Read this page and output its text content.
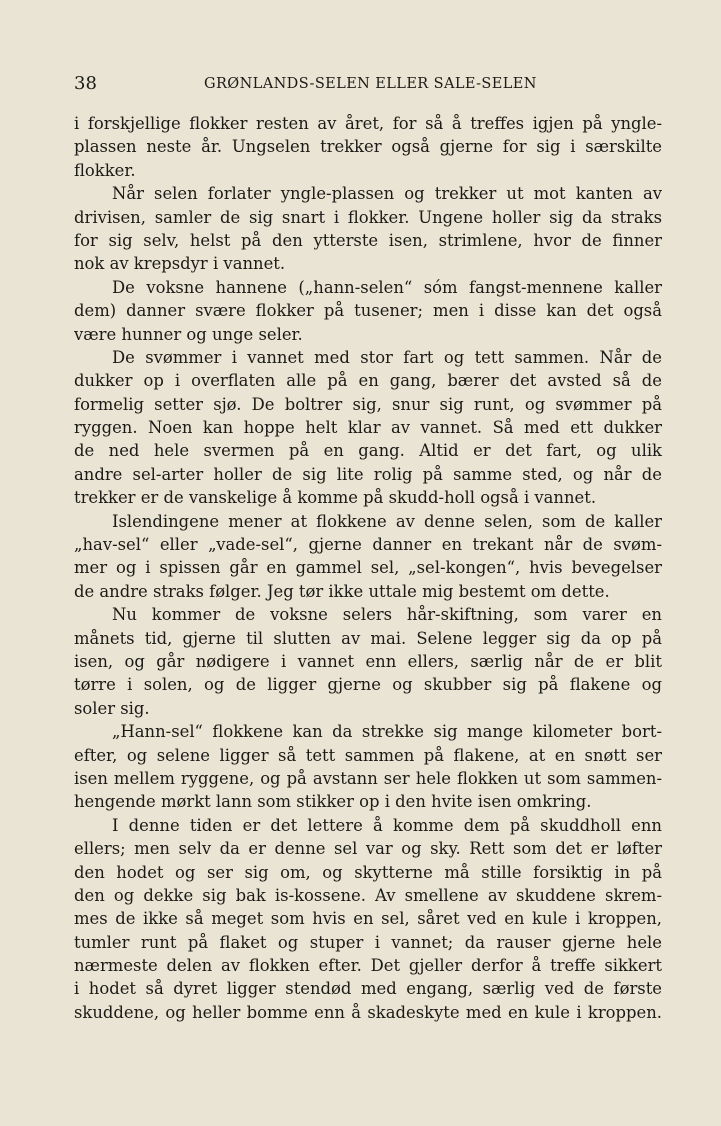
38	GRØNLANDS-SELEN ELLER SALE-SELEN
i forskjellige flokker resten av året, for så å treffes igjen på yngle-
plassen neste år. Ungselen trekker også gjerne for sig i særskilte
flokker.
Når selen forlater yngle-plassen og trekker ut mot kanten av
drivisen, samler de sig snart i flokker. Ungene holler sig da straks
for sig selv, helst på den ytterste isen, strimlene, hvor de finner
nok av krepsdyr i vannet.
De voksne hannene („hann-selen“ sóm fangst-mennene kaller
dem) danner svære flokker på tusener; men i disse kan det også
være hunner og unge seler.
De svømmer i vannet med stor fart og tett sammen. Når de
dukker op i overflaten alle på en gang, bærer det avsted så de
formelig setter sjø. De boltrer sig, snur sig runt, og svømmer på
ryggen. Noen kan hoppe helt klar av vannet. Så med ett dukker
de ned hele svermen på en gang. Altid er det fart, og ulik
andre sel-arter holler de sig lite rolig på samme sted, og når de
trekker er de vanskelige å komme på skudd-holl også i vannet.
Islendingene mener at flokkene av denne selen, som de kaller
„hav-sel“ eller „vade-sel“, gjerne danner en trekant når de svøm-
mer og i spissen går en gammel sel, „sel-kongen“, hvis bevegelser
de andre straks følger. Jeg tør ikke uttale mig bestemt om dette.
Nu kommer de voksne selers hår-skiftning, som varer en
månets tid, gjerne til slutten av mai. Selene legger sig da op på
isen, og går nødigere i vannet enn ellers, særlig når de er blit
tørre i solen, og de ligger gjerne og skubber sig på flakene og
soler sig.
„Hann-sel“ flokkene kan da strekke sig mange kilometer bort-
efter, og selene ligger så tett sammen på flakene, at en snøtt ser
isen mellem ryggene, og på avstann ser hele flokken ut som sammen-
hengende mørkt lann som stikker op i den hvite isen omkring.
I denne tiden er det lettere å komme dem på skuddholl enn
ellers; men selv da er denne sel var og sky. Rett som det er løfter
den hodet og ser sig om, og skytterne må stille forsiktig in på
den og dekke sig bak is-kossene. Av smellene av skuddene skrem-
mes de ikke så meget som hvis en sel, såret ved en kule i kroppen,
tumler runt på flaket og stuper i vannet; da rauser gjerne hele
nærmeste delen av flokken efter. Det gjeller derfor å treffe sikkert
i hodet så dyret ligger stendød med engang, særlig ved de første
skuddene, og heller bomme enn å skadeskyte med en kule i kroppen.
